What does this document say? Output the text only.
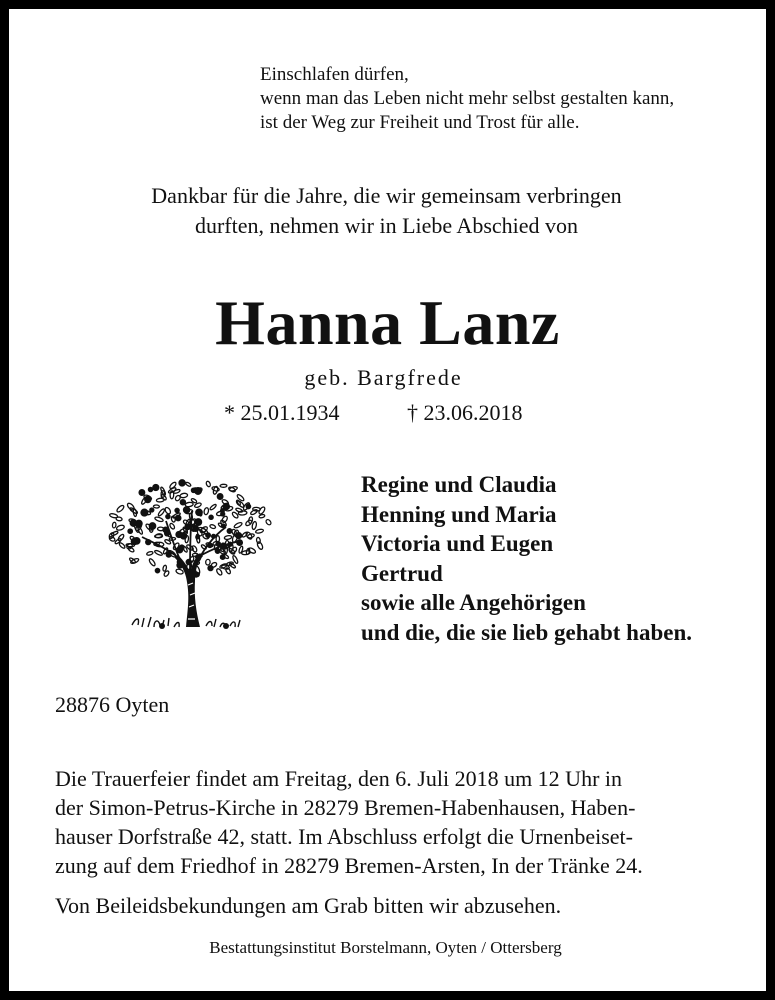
Einschlafen dürfen,
wenn man das Leben nicht mehr selbst gestalten kann,
ist der Weg zur Freiheit und Trost für alle.
Dankbar für die Jahre, die wir gemeinsam verbringen
durften, nehmen wir in Liebe Abschied von
Hanna Lanz
geb. Bargfrede
* 25.01.1934	† 23.06.2018
Regine und Claudia
Henning und Maria
Victoria und Eugen
Gertrud
sowie alle Angehörigen
und die, die sie lieb gehabt haben.
28876 Oyten
Die Trauerfeier findet am Freitag, den 6. Juli 2018 um 12 Uhr in
der Simon-Petrus-Kirche in 28279 Bremen-Habenhausen, Haben-
hauser Dorfstraße 42, statt. Im Abschluss erfolgt die Urnenbeiset-
zung auf dem Friedhof in 28279 Bremen-Arsten, In der Tränke 24.
Von Beileidsbekundungen am Grab bitten wir abzusehen.
Bestattungsinstitut Borstelmann, Oyten / Ottersberg
